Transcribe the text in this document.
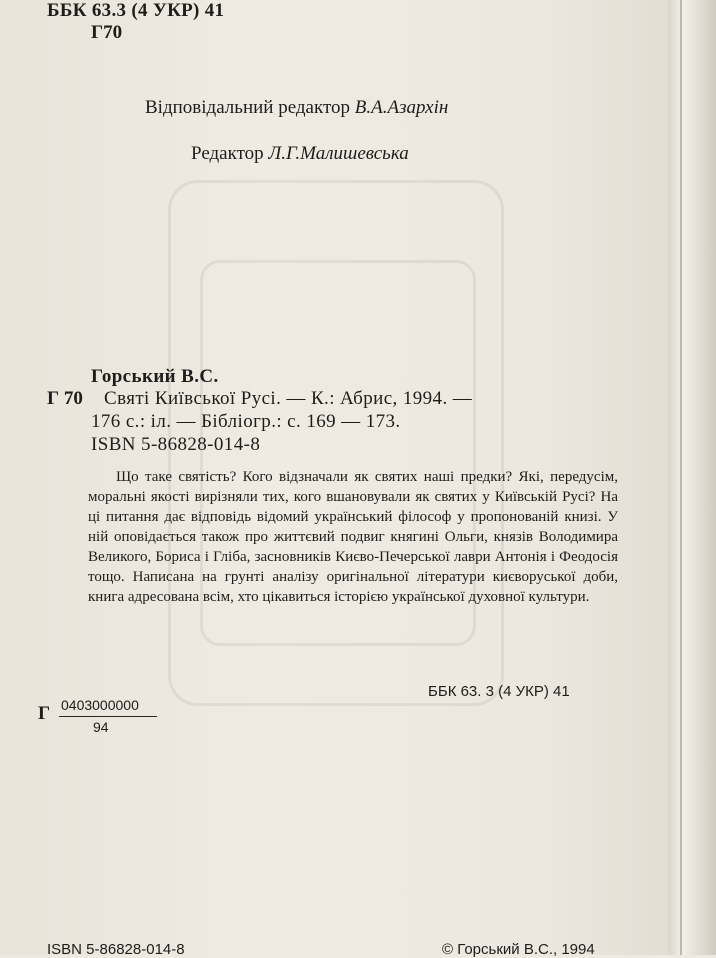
ББК 63.3 (4 УКР) 41
Г70
Відповідальний редактор В.А.Азархін
Редактор Л.Г.Малишевська
Горський В.С.
Г 70 Святі Київської Русі. — К.: Абрис, 1994. —
176 с.: іл. — Бібліогр.: с. 169 — 173.
ISBN 5-86828-014-8
Що таке святість? Кого відзначали як святих наші предки? Які, передусім, моральні якості вирізняли тих, кого вшановували як святих у Київській Русі? На ці питання дає відповідь відомий український філософ у пропонованій книзі. У ній оповідається також про життєвий подвиг княгині Ольги, князів Володимира Великого, Бориса і Гліба, засновників Києво-Печерської лаври Антонія і Феодосія тощо. Написана на грунті аналізу оригінальної літератури києворуської доби, книга адресована всім, хто цікавиться історією української духовної культури.
ББК 63. 3 (4 УКР) 41
Г 0403000000
94
ISBN 5-86828-014-8	© Горський В.С., 1994
